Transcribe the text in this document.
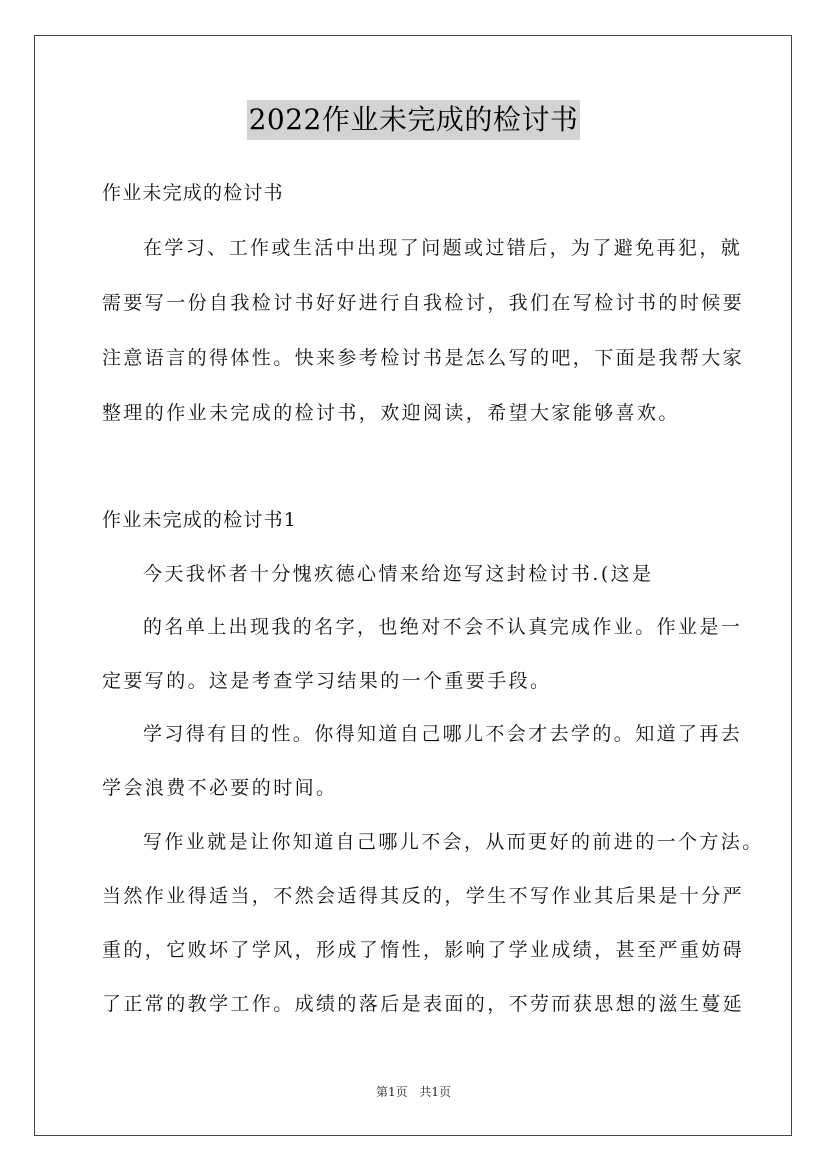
2022作业未完成的检讨书
作业未完成的检讨书
在学习、工作或生活中出现了问题或过错后，为了避免再犯，就
需要写一份自我检讨书好好进行自我检讨，我们在写检讨书的时候要
注意语言的得体性。快来参考检讨书是怎么写的吧，下面是我帮大家
整理的作业未完成的检讨书，欢迎阅读，希望大家能够喜欢。
作业未完成的检讨书1
今天我怀者十分愧疚德心情来给迩写这封检讨书.(这是
的名单上出现我的名字，也绝对不会不认真完成作业。作业是一
定要写的。这是考查学习结果的一个重要手段。
学习得有目的性。你得知道自己哪儿不会才去学的。知道了再去
学会浪费不必要的时间。
写作业就是让你知道自己哪儿不会，从而更好的前进的一个方法。
当然作业得适当，不然会适得其反的，学生不写作业其后果是十分严
重的，它败坏了学风，形成了惰性，影响了学业成绩，甚至严重妨碍
了正常的教学工作。成绩的落后是表面的，不劳而获思想的滋生蔓延
第1页 共1页
